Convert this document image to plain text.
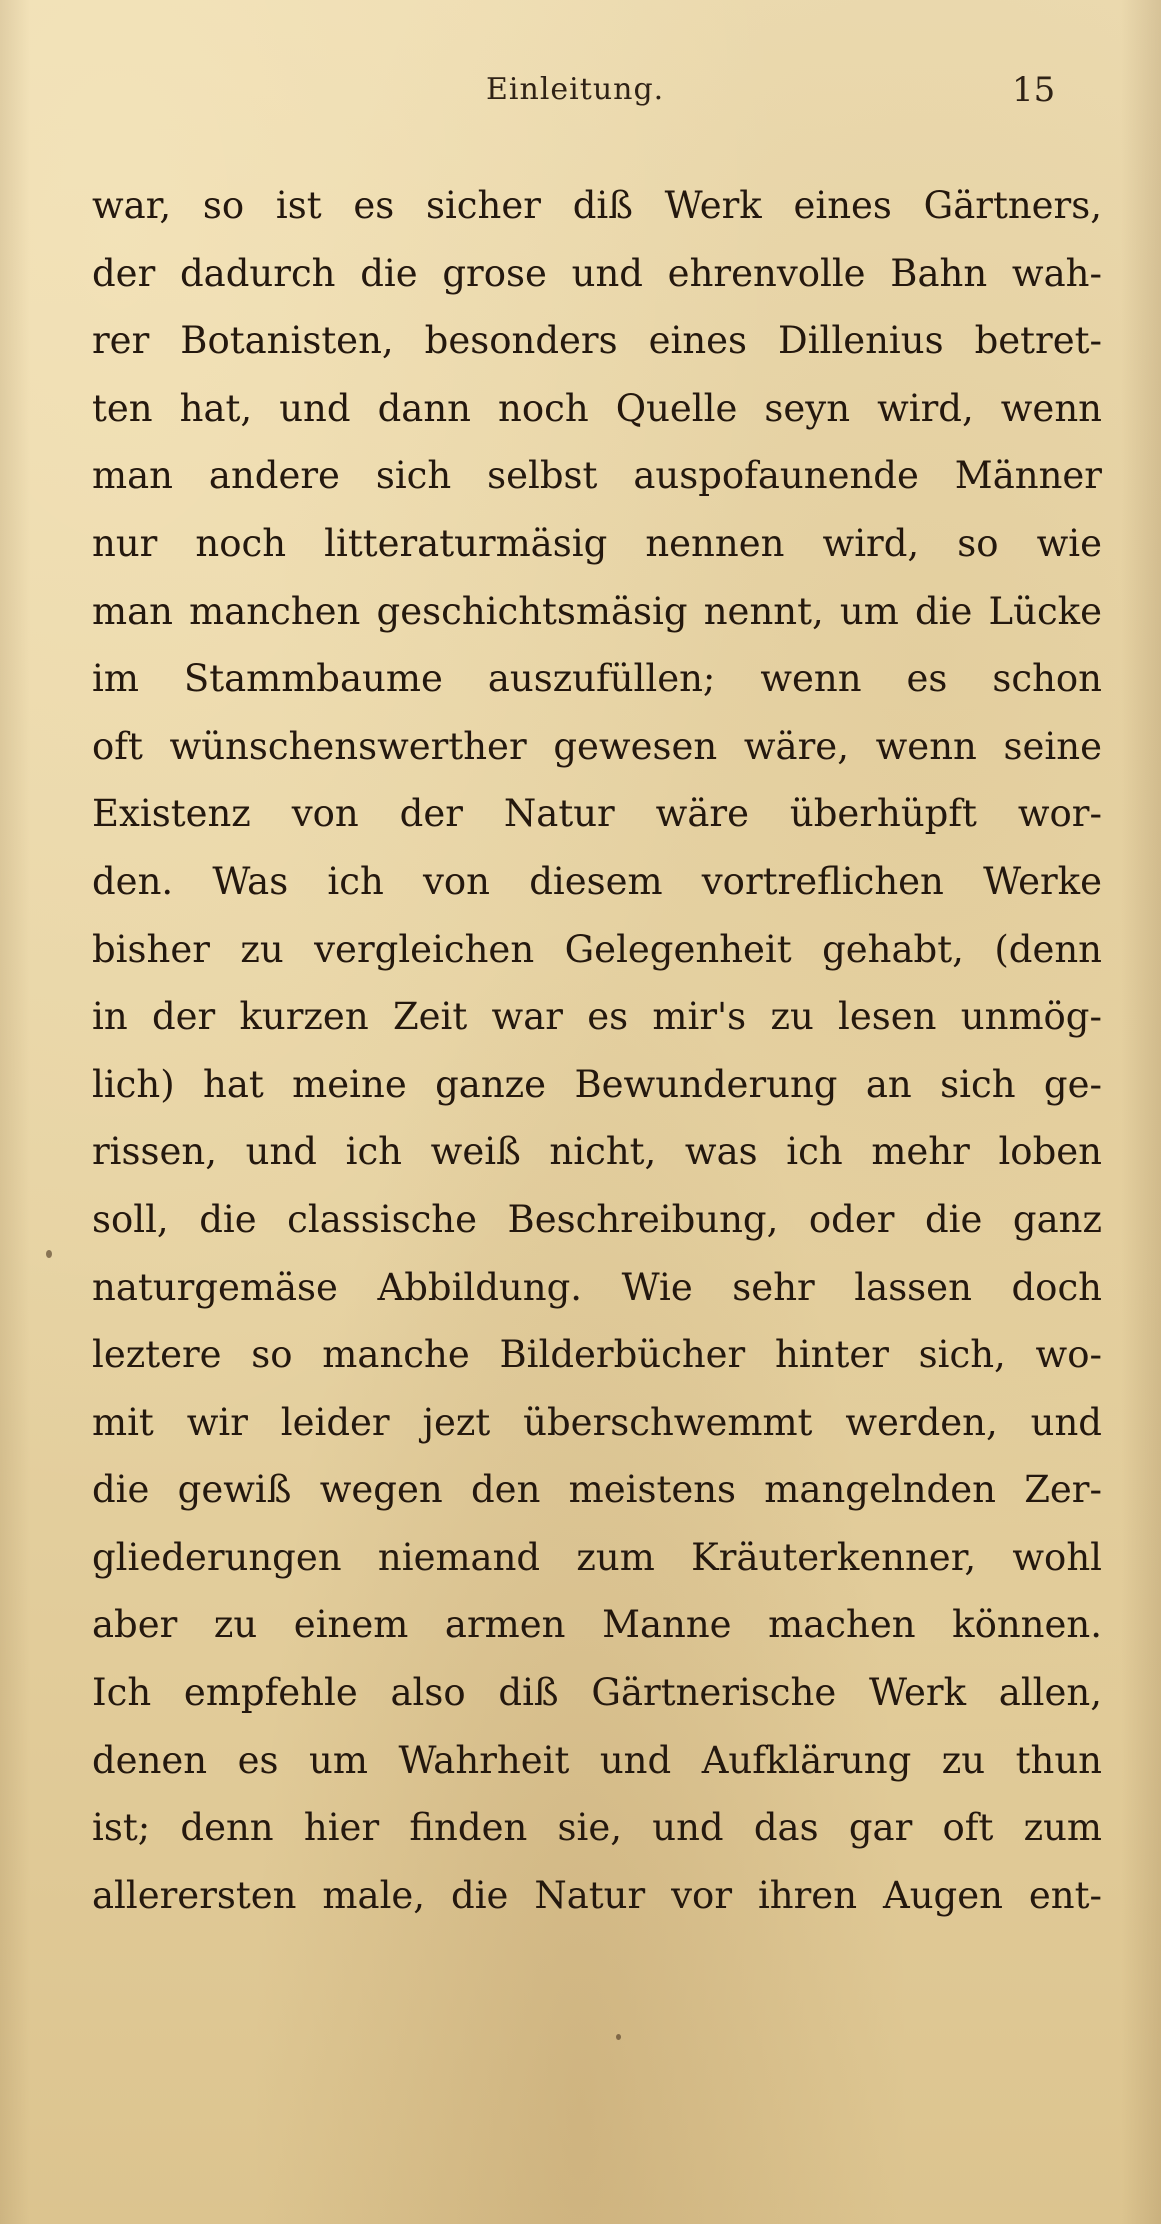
Einleitung.	15
war, so ist es sicher diß Werk eines Gärtners,
der dadurch die grose und ehrenvolle Bahn wah-
rer Botanisten, besonders eines Dillenius betret-
ten hat, und dann noch Quelle seyn wird, wenn
man andere sich selbst auspofaunende Männer
nur noch litteraturmäsig nennen wird, so wie
man manchen geschichtsmäsig nennt, um die Lücke
im Stammbaume auszufüllen; wenn es schon
oft wünschenswerther gewesen wäre, wenn seine
Existenz von der Natur wäre überhüpft wor-
den. Was ich von diesem vortreflichen Werke
bisher zu vergleichen Gelegenheit gehabt, (denn
in der kurzen Zeit war es mir's zu lesen unmög-
lich) hat meine ganze Bewunderung an sich ge-
rissen, und ich weiß nicht, was ich mehr loben
soll, die classische Beschreibung, oder die ganz
naturgemäse Abbildung. Wie sehr lassen doch
leztere so manche Bilderbücher hinter sich, wo-
mit wir leider jezt überschwemmt werden, und
die gewiß wegen den meistens mangelnden Zer-
gliederungen niemand zum Kräuterkenner, wohl
aber zu einem armen Manne machen können.
Ich empfehle also diß Gärtnerische Werk allen,
denen es um Wahrheit und Aufklärung zu thun
ist; denn hier finden sie, und das gar oft zum
allerersten male, die Natur vor ihren Augen ent-
